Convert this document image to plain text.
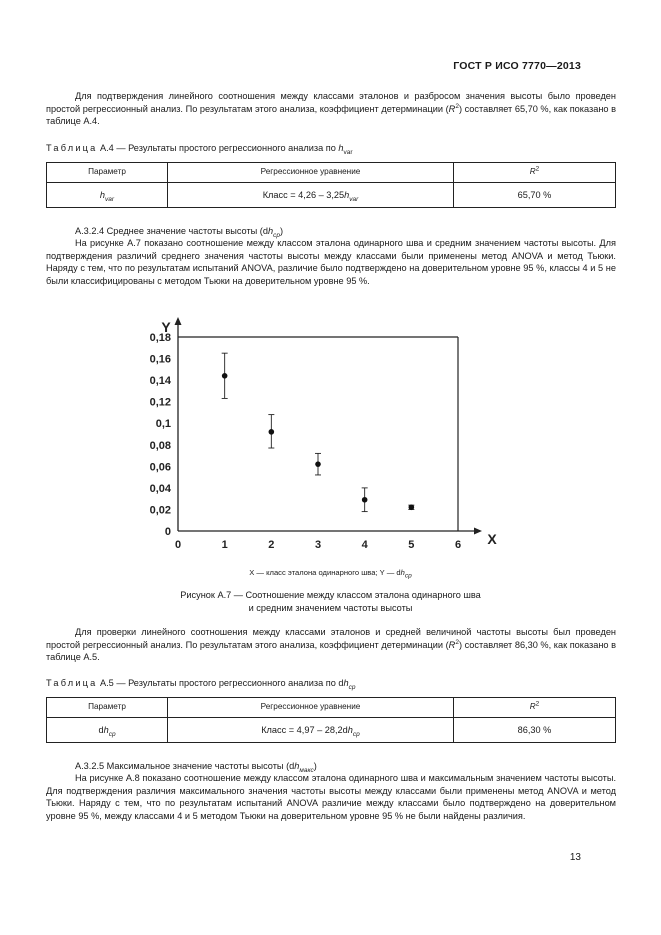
ГОСТ Р ИСО 7770—2013
Для подтверждения линейного соотношения между классами эталонов и разбросом значения высоты было проведен простой регрессионный анализ. По результатам этого анализа, коэффициент детерминации $(R^2)$ составляет 65,70 %, как показано в таблице А.4.
Таблица А.4 — Результаты простого регрессионного анализа по $h_{var}$
Параметр	Регрессионное уравнение	$R^2$
$h_{var}$	Класс = $4,26 - 3,25h_{var}$	65,70 %
А.3.2.4 Среднее значение частоты высоты $(dh_{ср})$
На рисунке А.7 показано соотношение между классом эталона одинарного шва и средним значением частоты высоты. Для подтверждения различий среднего значения частоты высоты между классами были применены метод ANOVA и метод Тьюки. Наряду с тем, что по результатам испытаний ANOVA, различие было подтверждено на доверительном уровне 95 %, классы 4 и 5 не были классифицированы с методом Тьюки на доверительном уровне 95 %.
X
Y
0
0,02
0,04
0,06
0,08
0,1
0,12
0,14
0,16
0,18
0	1	2	3	4	5	6
X — класс эталона одинарного шва; Y — $dh_{ср}$
Рисунок А.7 — Соотношение между классом эталона одинарного шва
и средним значением частоты высоты
Для проверки линейного соотношения между классами эталонов и средней величиной частоты высоты был проведен простой регрессионный анализ. По результатам этого анализа, коэффициент детерминации $(R^2)$ составляет 86,30 %, как показано в таблице А.5.
Таблица А.5 — Результаты простого регрессионного анализа по $dh_{ср}$
Параметр	Регрессионное уравнение	$R^2$
$dh_{ср}$	Класс = $4,97 - 28,2dh_{ср}$	86,30 %
А.3.2.5 Максимальное значение частоты высоты $(dh_{макс})$
На рисунке А.8 показано соотношение между классом эталона одинарного шва и максимальным значением частоты высоты. Для подтверждения различия максимального значения частоты высоты между классами были применены метод ANOVA и метод Тьюки. Наряду с тем, что по результатам испытаний ANOVA различие между классами было подтверждено на доверительном уровне 95 %, между классами 4 и 5 методом Тьюки на доверительном уровне 95 % не были найдены различия.
13
